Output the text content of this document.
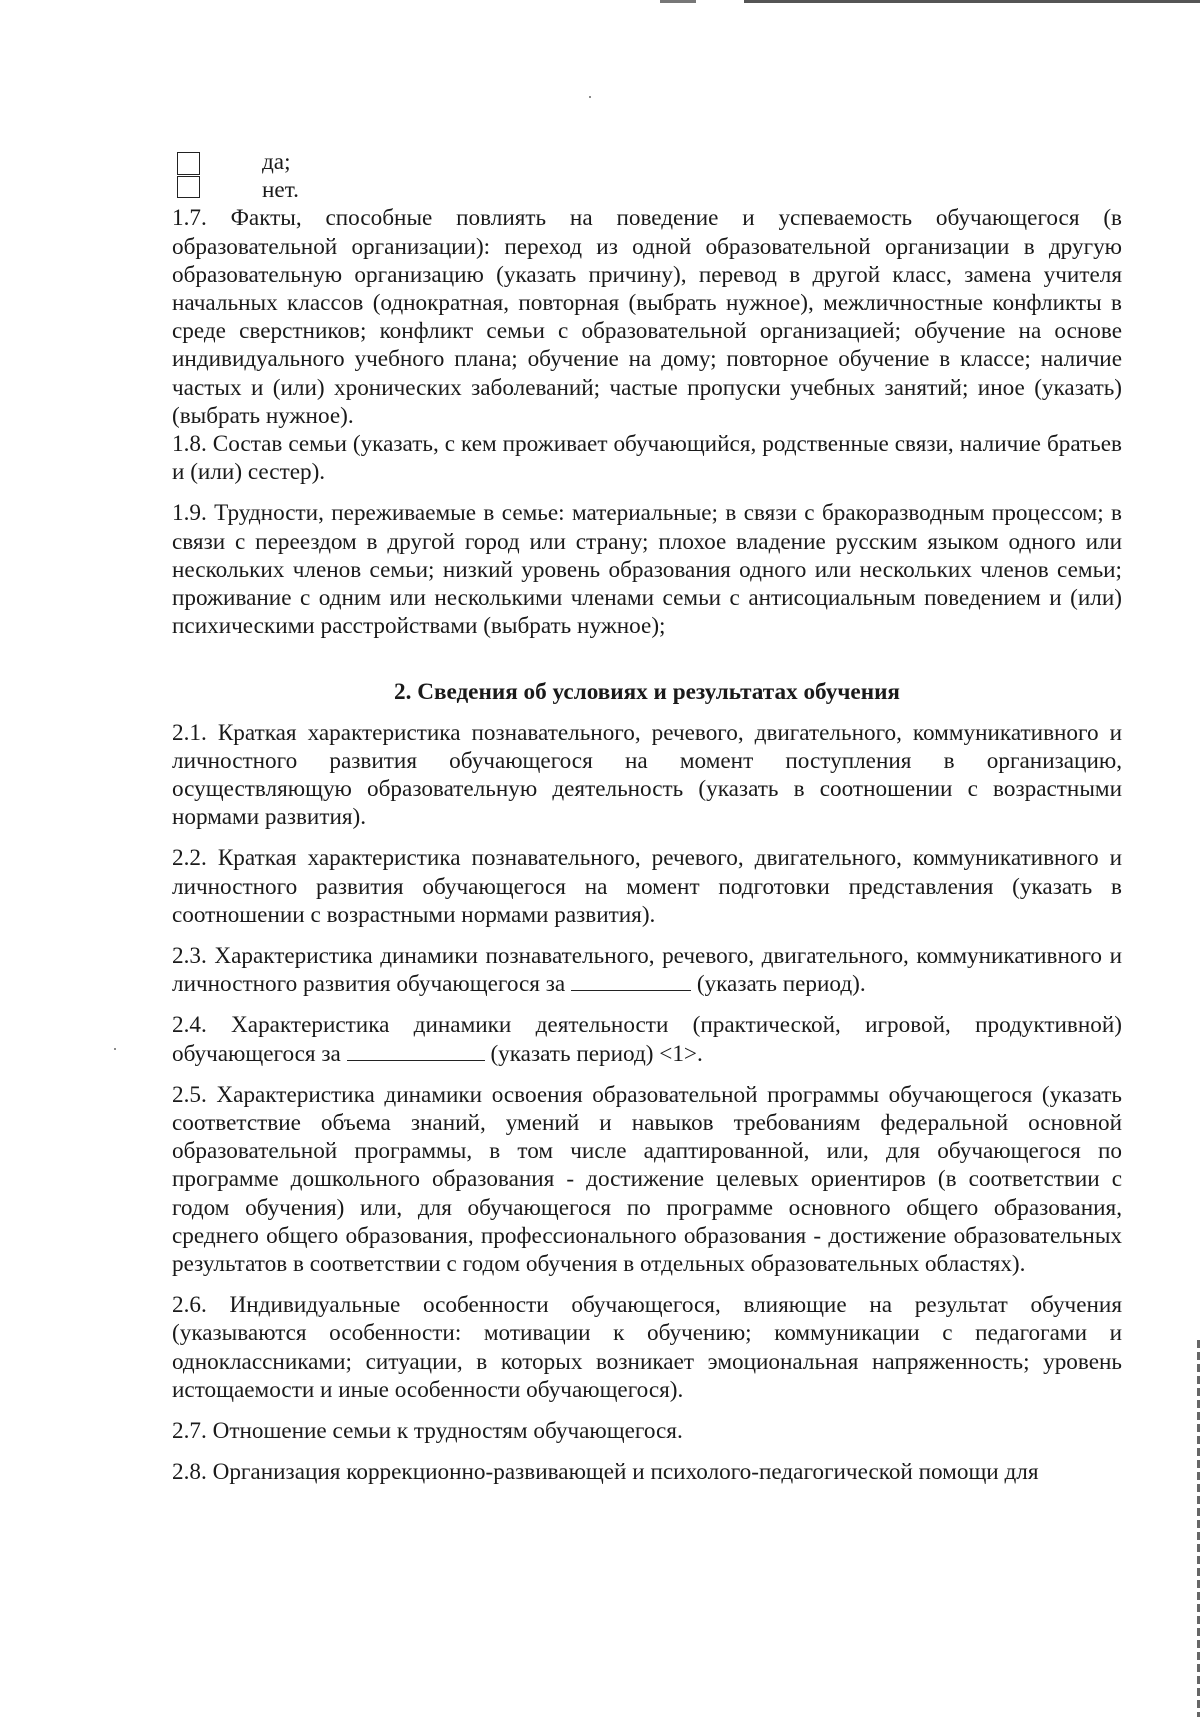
да;
нет.

1.7. Факты, способные повлиять на поведение и успеваемость обучающегося (в образовательной организации): переход из одной образовательной организации в другую образовательную организацию (указать причину), перевод в другой класс, замена учителя начальных классов (однократная, повторная (выбрать нужное), межличностные конфликты в среде сверстников; конфликт семьи с образовательной организацией; обучение на основе индивидуального учебного плана; обучение на дому; повторное обучение в классе; наличие частых и (или) хронических заболеваний; частые пропуски учебных занятий; иное (указать) (выбрать нужное).

1.8. Состав семьи (указать, с кем проживает обучающийся, родственные связи, наличие братьев и (или) сестер).

1.9. Трудности, переживаемые в семье: материальные; в связи с бракоразводным процессом; в связи с переездом в другой город или страну; плохое владение русским языком одного или нескольких членов семьи; низкий уровень образования одного или нескольких членов семьи; проживание с одним или несколькими членами семьи с антисоциальным поведением и (или) психическими расстройствами (выбрать нужное);

2. Сведения об условиях и результатах обучения

2.1. Краткая характеристика познавательного, речевого, двигательного, коммуникативного и личностного развития обучающегося на момент поступления в организацию, осуществляющую образовательную деятельность (указать в соотношении с возрастными нормами развития).

2.2. Краткая характеристика познавательного, речевого, двигательного, коммуникативного и личностного развития обучающегося на момент подготовки представления (указать в соотношении с возрастными нормами развития).

2.3. Характеристика динамики познавательного, речевого, двигательного, коммуникативного и личностного развития обучающегося за	(указать период).

2.4. Характеристика динамики деятельности (практической, игровой, продуктивной) обучающегося за	(указать период) <1>.

2.5. Характеристика динамики освоения образовательной программы обучающегося (указать соответствие объема знаний, умений и навыков требованиям федеральной основной образовательной программы, в том числе адаптированной, или, для обучающегося по программе дошкольного образования - достижение целевых ориентиров (в соответствии с годом обучения) или, для обучающегося по программе основного общего образования, среднего общего образования, профессионального образования - достижение образовательных результатов в соответствии с годом обучения в отдельных образовательных областях).

2.6. Индивидуальные особенности обучающегося, влияющие на результат обучения (указываются особенности: мотивации к обучению; коммуникации с педагогами и одноклассниками; ситуации, в которых возникает эмоциональная напряженность; уровень истощаемости и иные особенности обучающегося).

2.7. Отношение семьи к трудностям обучающегося.

2.8. Организация коррекционно-развивающей и психолого-педагогической помощи для
